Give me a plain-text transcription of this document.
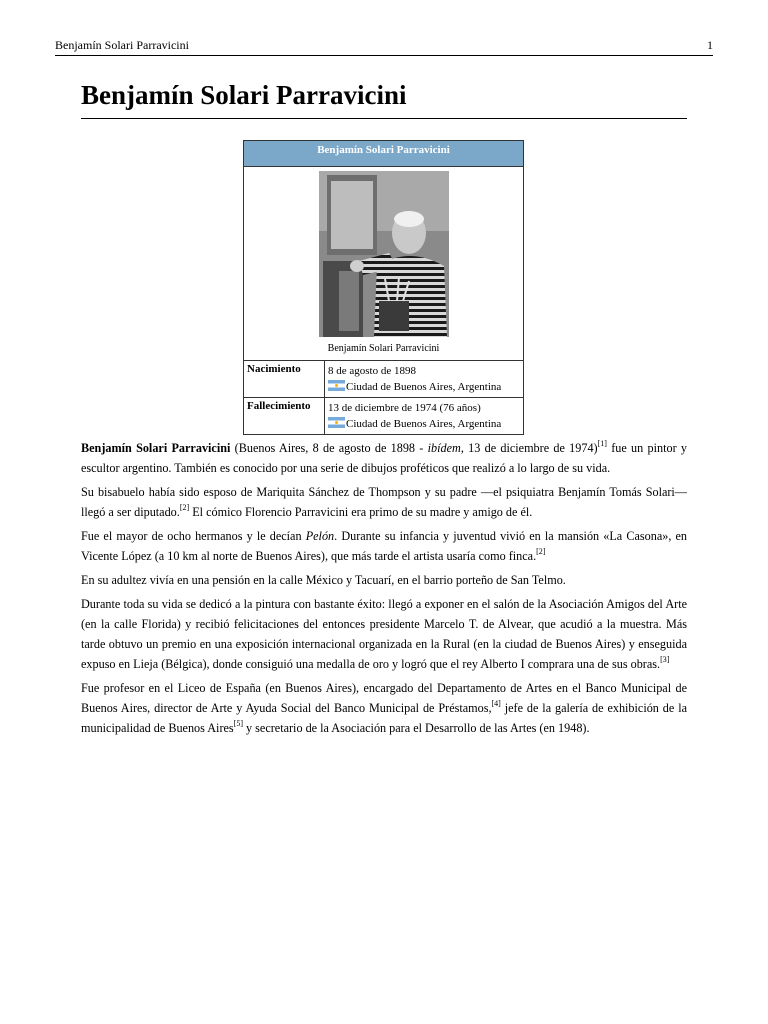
Benjamín Solari Parravicini	1
Benjamín Solari Parravicini
Benjamín Solari Parravicini	

Benjamín Solari Parravicini	

Nacimiento	8 de agosto de 1898
Ciudad de Buenos Aires, Argentina

Fallecimiento	13 de diciembre de 1974 (76 años)
Ciudad de Buenos Aires, Argentina

Benjamín Solari Parravicini (Buenos Aires, 8 de agosto de 1898 - ibídem, 13 de diciembre de 1974)[1] fue un pintor y escultor argentino. También es conocido por una serie de dibujos proféticos que realizó a lo largo de su vida.

Su bisabuelo había sido esposo de Mariquita Sánchez de Thompson y su padre —el psiquiatra Benjamín Tomás Solari— llegó a ser diputado.[2] El cómico Florencio Parravicini era primo de su madre y amigo de él.

Fue el mayor de ocho hermanos y le decían Pelón. Durante su infancia y juventud vivió en la mansión «La Casona», en Vicente López (a 10 km al norte de Buenos Aires), que más tarde el artista usaría como finca.[2]

En su adultez vivía en una pensión en la calle México y Tacuarí, en el barrio porteño de San Telmo.

Durante toda su vida se dedicó a la pintura con bastante éxito: llegó a exponer en el salón de la Asociación Amigos del Arte (en la calle Florida) y recibió felicitaciones del entonces presidente Marcelo T. de Alvear, que acudió a la muestra. Más tarde obtuvo un premio en una exposición internacional organizada en la Rural (en la ciudad de Buenos Aires) y enseguida expuso en Lieja (Bélgica), donde consiguió una medalla de oro y logró que el rey Alberto I comprara una de sus obras.[3]

Fue profesor en el Liceo de España (en Buenos Aires), encargado del Departamento de Artes en el Banco Municipal de Buenos Aires, director de Arte y Ayuda Social del Banco Municipal de Préstamos,[4] jefe de la galería de exhibición de la municipalidad de Buenos Aires[5] y secretario de la Asociación para el Desarrollo de las Artes (en 1948).
